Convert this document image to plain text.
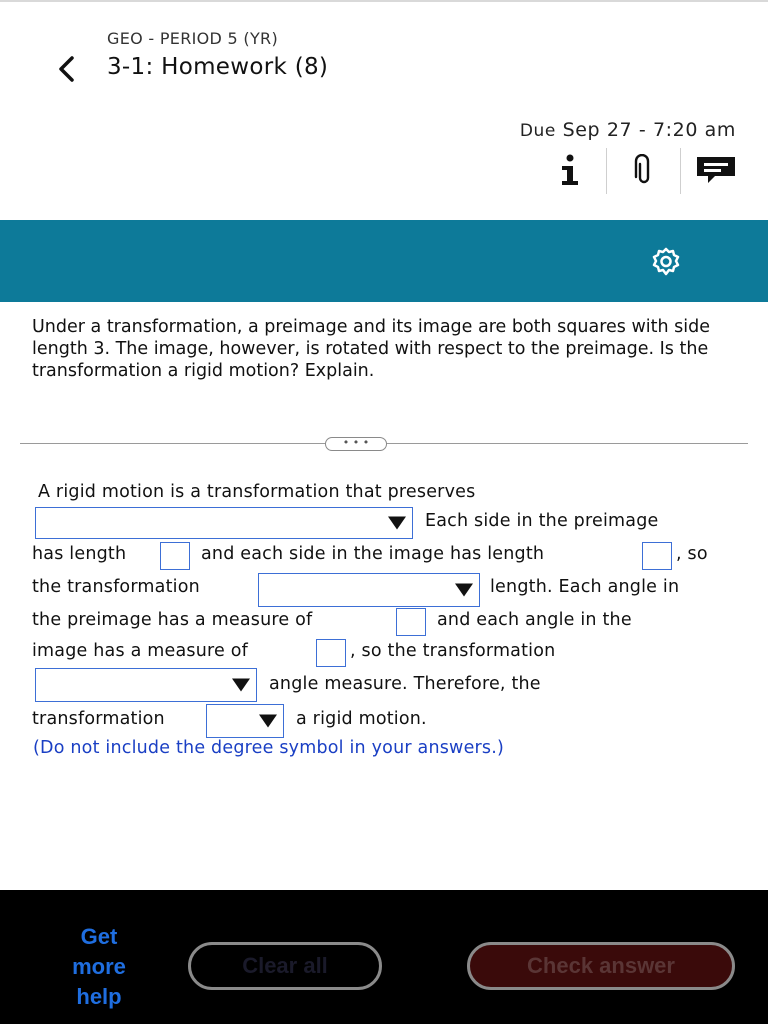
GEO - PERIOD 5 (YR)
3-1: Homework (8)
Due Sep 27 - 7:20 am
Under a transformation, a preimage and its image are both squares with side length 3. The image, however, is rotated with respect to the preimage. Is the transformation a rigid motion? Explain.
• • •
A rigid motion is a transformation that preserves
Each side in the preimage
has length	and each side in the image has length	, so
the transformation	length. Each angle in
the preimage has a measure of	and each angle in the
image has a measure of	, so the transformation
angle measure. Therefore, the
transformation	a rigid motion.
(Do not include the degree symbol in your answers.)
Get
more
help
Clear all	Check answer
